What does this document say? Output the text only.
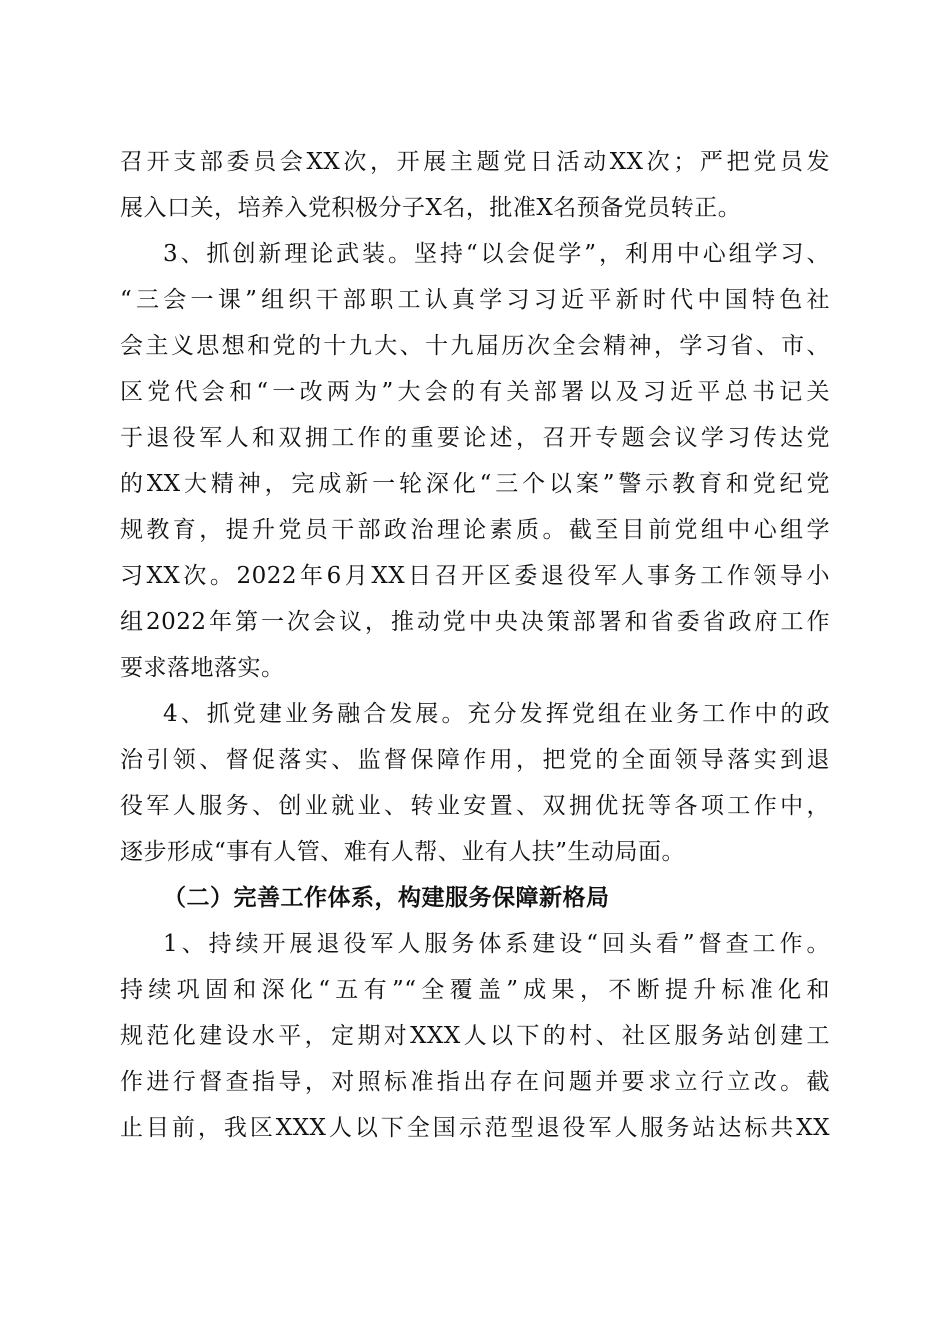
召开支部委员会XX次，开展主题党日活动XX次；严把党员发
展入口关，培养入党积极分子X名，批准X名预备党员转正。
3、抓创新理论武装。坚持“以会促学”，利用中心组学习、
“三会一课”组织干部职工认真学习习近平新时代中国特色社
会主义思想和党的十九大、十九届历次全会精神，学习省、市、
区党代会和“一改两为”大会的有关部署以及习近平总书记关
于退役军人和双拥工作的重要论述，召开专题会议学习传达党
的XX大精神，完成新一轮深化“三个以案”警示教育和党纪党
规教育，提升党员干部政治理论素质。截至目前党组中心组学
习XX次。2022年6月XX日召开区委退役军人事务工作领导小
组2022年第一次会议，推动党中央决策部署和省委省政府工作
要求落地落实。
4、抓党建业务融合发展。充分发挥党组在业务工作中的政
治引领、督促落实、监督保障作用，把党的全面领导落实到退
役军人服务、创业就业、转业安置、双拥优抚等各项工作中，
逐步形成“事有人管、难有人帮、业有人扶”生动局面。
（二）完善工作体系，构建服务保障新格局
1、持续开展退役军人服务体系建设“回头看”督查工作。
持续巩固和深化“五有”“全覆盖”成果，不断提升标准化和
规范化建设水平，定期对XXX人以下的村、社区服务站创建工
作进行督查指导，对照标准指出存在问题并要求立行立改。截
止目前，我区XXX人以下全国示范型退役军人服务站达标共XX
